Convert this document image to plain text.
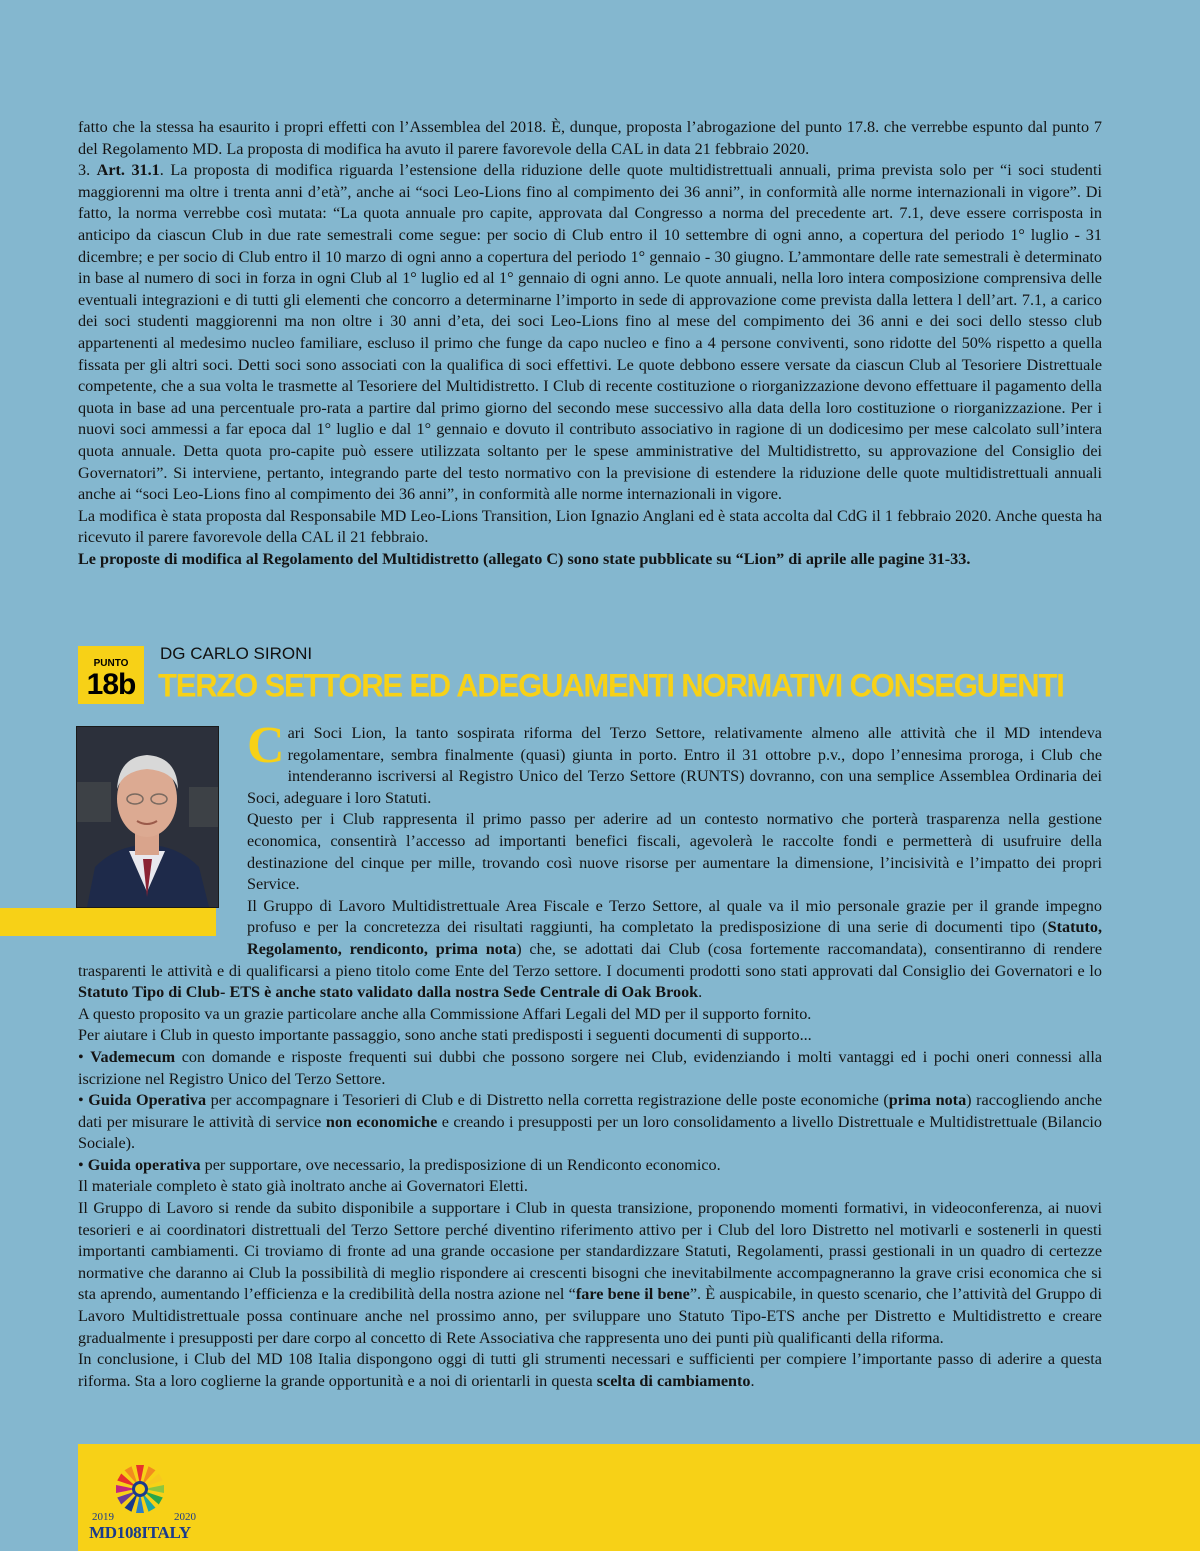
fatto che la stessa ha esaurito i propri effetti con l’Assemblea del 2018. È, dunque, proposta l’abrogazione del punto 17.8. che verrebbe espunto dal punto 7 del Regolamento MD. La proposta di modifica ha avuto il parere favorevole della CAL in data 21 febbraio 2020.

3. Art. 31.1. La proposta di modifica riguarda l’estensione della riduzione delle quote multidistrettuali annuali, prima prevista solo per “i soci studenti maggiorenni ma oltre i trenta anni d’età”, anche ai “soci Leo-Lions fino al compimento dei 36 anni”, in conformità alle norme internazionali in vigore”. Di fatto, la norma verrebbe così mutata: “La quota annuale pro capite, approvata dal Congresso a norma del precedente art. 7.1, deve essere corrisposta in anticipo da ciascun Club in due rate semestrali come segue: per socio di Club entro il 10 settembre di ogni anno, a copertura del periodo 1° luglio - 31 dicembre; e per socio di Club entro il 10 marzo di ogni anno a copertura del periodo 1° gennaio - 30 giugno. L’ammontare delle rate semestrali è determinato in base al numero di soci in forza in ogni Club al 1° luglio ed al 1° gennaio di ogni anno. Le quote annuali, nella loro intera composizione comprensiva delle eventuali integrazioni e di tutti gli elementi che concorro a determinarne l’importo in sede di approvazione come prevista dalla lettera l dell’art. 7.1, a carico dei soci studenti maggiorenni ma non oltre i 30 anni d’eta, dei soci Leo-Lions fino al mese del compimento dei 36 anni e dei soci dello stesso club appartenenti al medesimo nucleo familiare, escluso il primo che funge da capo nucleo e fino a 4 persone conviventi, sono ridotte del 50% rispetto a quella fissata per gli altri soci. Detti soci sono associati con la qualifica di soci effettivi. Le quote debbono essere versate da ciascun Club al Tesoriere Distrettuale competente, che a sua volta le trasmette al Tesoriere del Multidistretto. I Club di recente costituzione o riorganizzazione devono effettuare il pagamento della quota in base ad una percentuale pro-rata a partire dal primo giorno del secondo mese successivo alla data della loro costituzione o riorganizzazione. Per i nuovi soci ammessi a far epoca dal 1° luglio e dal 1° gennaio e dovuto il contributo associativo in ragione di un dodicesimo per mese calcolato sull’intera quota annuale. Detta quota pro-capite può essere utilizzata soltanto per le spese amministrative del Multidistretto, su approvazione del Consiglio dei Governatori”. Si interviene, pertanto, integrando parte del testo normativo con la previsione di estendere la riduzione delle quote multidistrettuali annuali anche ai “soci Leo-Lions fino al compimento dei 36 anni”, in conformità alle norme internazionali in vigore.

La modifica è stata proposta dal Responsabile MD Leo-Lions Transition, Lion Ignazio Anglani ed è stata accolta dal CdG il 1 febbraio 2020. Anche questa ha ricevuto il parere favorevole della CAL il 21 febbraio.

Le proposte di modifica al Regolamento del Multidistretto (allegato C) sono state pubblicate su “Lion” di aprile alle pagine 31-33.

PUNTO
18b
DG CARLO SIRONI
TERZO SETTORE ED ADEGUAMENTI NORMATIVI CONSEGUENTI

Cari Soci Lion, la tanto sospirata riforma del Terzo Settore, relativamente almeno alle attività che il MD intendeva regolamentare, sembra finalmente (quasi) giunta in porto. Entro il 31 ottobre p.v., dopo l’ennesima proroga, i Club che intenderanno iscriversi al Registro Unico del Terzo Settore (RUNTS) dovranno, con una semplice Assemblea Ordinaria dei Soci, adeguare i loro Statuti.

Questo per i Club rappresenta il primo passo per aderire ad un contesto normativo che porterà trasparenza nella gestione economica, consentirà l’accesso ad importanti benefici fiscali, agevolerà le raccolte fondi e permetterà di usufruire della destinazione del cinque per mille, trovando così nuove risorse per aumentare la dimensione, l’incisività e l’impatto dei propri Service.

Il Gruppo di Lavoro Multidistrettuale Area Fiscale e Terzo Settore, al quale va il mio personale grazie per il grande impegno profuso e per la concretezza dei risultati raggiunti, ha completato la predisposizione di una serie di documenti tipo (Statuto, Regolamento, rendiconto, prima nota) che, se adottati dai Club (cosa fortemente raccomandata), consentiranno di rendere trasparenti le attività e di qualificarsi a pieno titolo come Ente del Terzo settore. I documenti prodotti sono stati approvati dal Consiglio dei Governatori e lo Statuto Tipo di Club- ETS è anche stato validato dalla nostra Sede Centrale di Oak Brook.

A questo proposito va un grazie particolare anche alla Commissione Affari Legali del MD per il supporto fornito.

Per aiutare i Club in questo importante passaggio, sono anche stati predisposti i seguenti documenti di supporto...

• Vademecum con domande e risposte frequenti sui dubbi che possono sorgere nei Club, evidenziando i molti vantaggi ed i pochi oneri connessi alla iscrizione nel Registro Unico del Terzo Settore.

• Guida Operativa per accompagnare i Tesorieri di Club e di Distretto nella corretta registrazione delle poste economiche (prima nota) raccogliendo anche dati per misurare le attività di service non economiche e creando i presupposti per un loro consolidamento a livello Distrettuale e Multidistrettuale (Bilancio Sociale).

• Guida operativa per supportare, ove necessario, la predisposizione di un Rendiconto economico.

Il materiale completo è stato già inoltrato anche ai Governatori Eletti.

Il Gruppo di Lavoro si rende da subito disponibile a supportare i Club in questa transizione, proponendo momenti formativi, in videoconferenza, ai nuovi tesorieri e ai coordinatori distrettuali del Terzo Settore perché diventino riferimento attivo per i Club del loro Distretto nel motivarli e sostenerli in questi importanti cambiamenti. Ci troviamo di fronte ad una grande occasione per standardizzare Statuti, Regolamenti, prassi gestionali in un quadro di certezze normative che daranno ai Club la possibilità di meglio rispondere ai crescenti bisogni che inevitabilmente accompagneranno la grave crisi economica che si sta aprendo, aumentando l’efficienza e la credibilità della nostra azione nel “fare bene il bene”. È auspicabile, in questo scenario, che l’attività del Gruppo di Lavoro Multidistrettuale possa continuare anche nel prossimo anno, per sviluppare uno Statuto Tipo-ETS anche per Distretto e Multidistretto e creare gradualmente i presupposti per dare corpo al concetto di Rete Associativa che rappresenta uno dei punti più qualificanti della riforma.

In conclusione, i Club del MD 108 Italia dispongono oggi di tutti gli strumenti necessari e sufficienti per compiere l’importante passo di aderire a questa riforma. Sta a loro coglierne la grande opportunità e a noi di orientarli in questa scelta di cambiamento.

2019	2020
MD108ITALY
